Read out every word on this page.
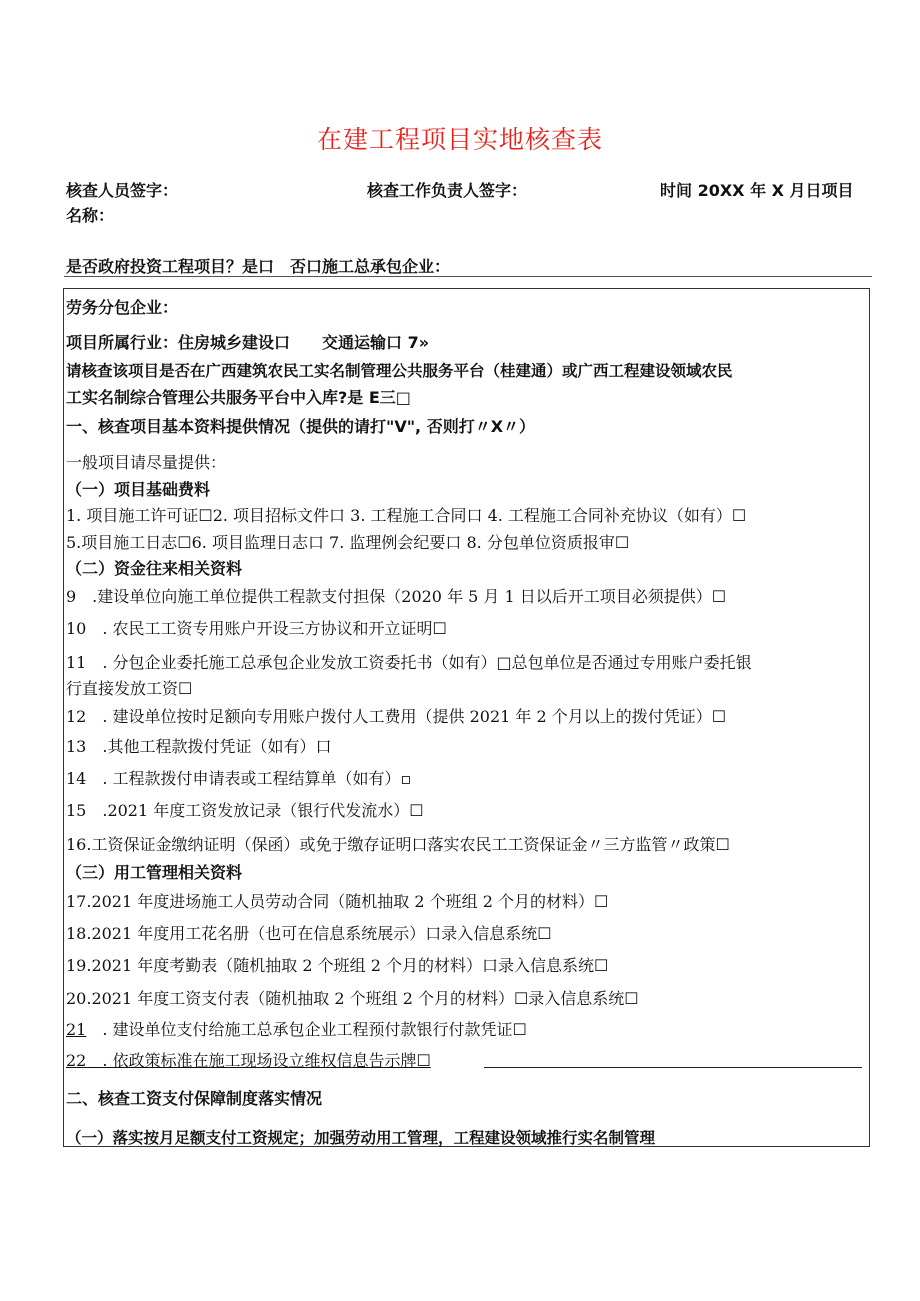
在建工程项目实地核查表
核查人员签字：	核查工作负责人签字：	时间 20XX 年 X 月日项目
名称：
是否政府投资工程项目？是口　否口施工总承包企业：
劳务分包企业：
项目所属行业：住房城乡建设口　　交通运输口 7»
请核查该项目是否在广西建筑农民工实名制管理公共服务平台（桂建通）或广西工程建设领域农民
工实名制综合管理公共服务平台中入库?是 E三□
一、核查项目基本资料提供情况（提供的请打"V", 否则打〃X〃）
一般项目请尽量提供：
（一）项目基础费料
1. 项目施工许可证☐2. 项目招标文件口 3. 工程施工合同口 4. 工程施工合同补充协议（如有）☐
5.项目施工日志☐6. 项目监理日志口 7. 监理例会纪要口 8. 分包单位资质报审☐
（二）资金往来相关资料
9　.建设单位向施工单位提供工程款支付担保（2020 年 5 月 1 日以后开工项目必须提供）☐
10　. 农民工工资专用账户开设三方协议和开立证明☐
11　. 分包企业委托施工总承包企业发放工资委托书（如有）□总包单位是否通过专用账户委托银
行直接发放工资☐
12　. 建设单位按时足额向专用账户拨付人工费用（提供 2021 年 2 个月以上的拨付凭证）☐
13　.其他工程款拨付凭证（如有）口
14　. 工程款拨付申请表或工程结算单（如有）▫
15　.2021 年度工资发放记录（银行代发流水）☐
16.工资保证金缴纳证明（保函）或免于缴存证明口落实农民工工资保证金〃三方监管〃政策☐
（三）用工管理相关资料
17.2021 年度进场施工人员劳动合同（随机抽取 2 个班组 2 个月的材料）☐
18.2021 年度用工花名册（也可在信息系统展示）口录入信息系统☐
19.2021 年度考勤表（随机抽取 2 个班组 2 个月的材料）口录入信息系统☐
20.2021 年度工资支付表（随机抽取 2 个班组 2 个月的材料）☐录入信息系统☐
21　. 建设单位支付给施工总承包企业工程预付款银行付款凭证☐
22　. 依政策标准在施工现场设立维权信息告示牌☐
二、核查工资支付保障制度落实情况
（一）落实按月足额支付工资规定；加强劳动用工管理，工程建设领域推行实名制管理
